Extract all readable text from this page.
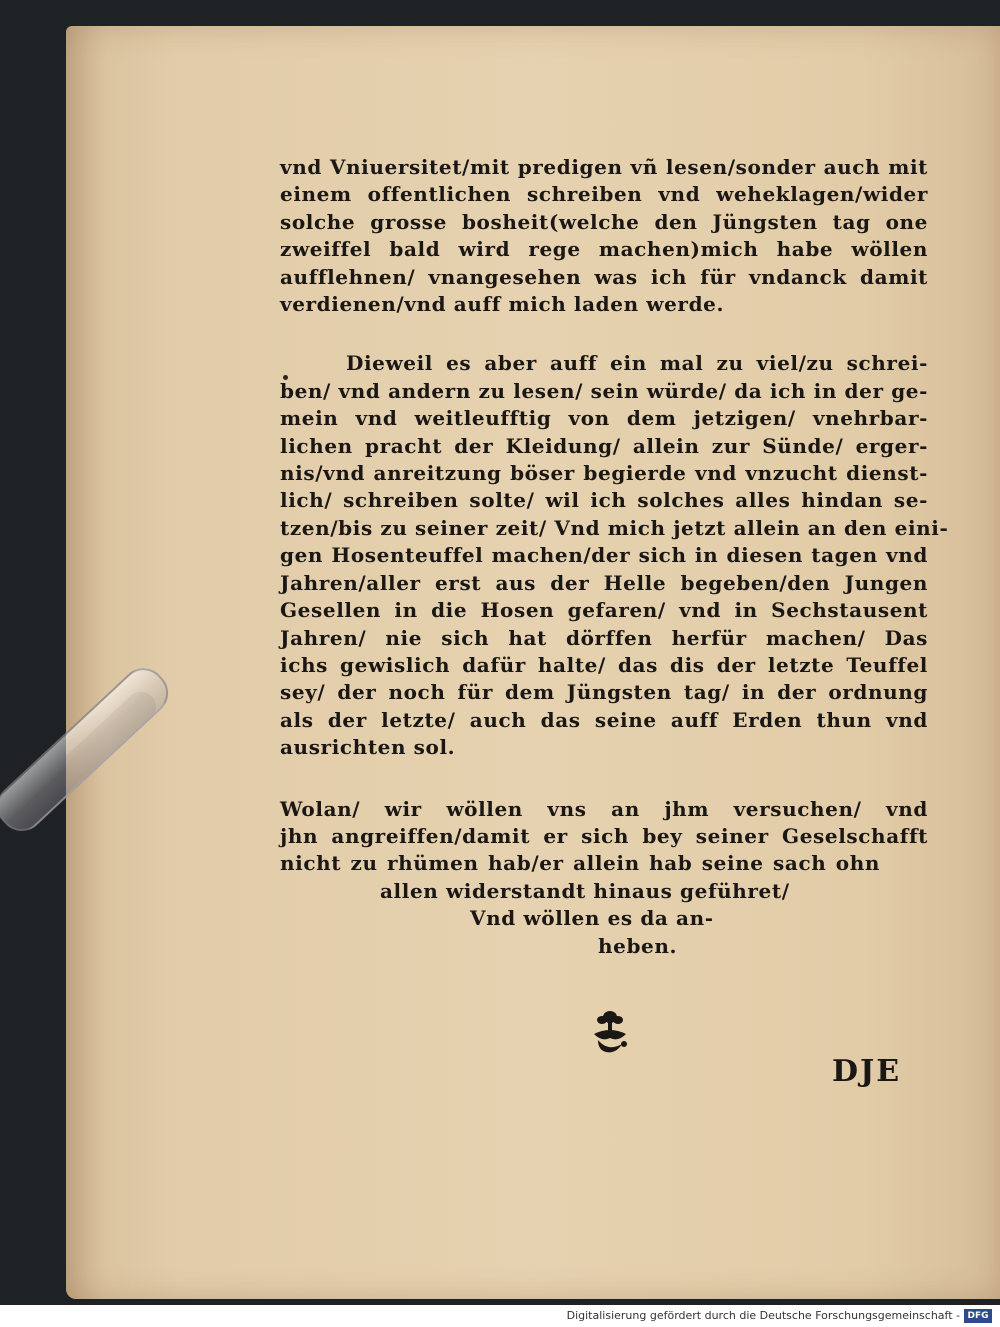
vnd Vniuersitet/mit predigen vñ lesen/sonder auch mit
einem offentlichen schreiben vnd weheklagen/wider
solche grosse bosheit(welche den Jüngsten tag one
zweiffel bald wird rege machen)mich habe wöllen
aufflehnen/ vnangesehen was ich für vndanck damit
verdienen/vnd auff mich laden werde.

Dieweil es aber auff ein mal zu viel/zu schrei-
ben/ vnd andern zu lesen/ sein würde/ da ich in der ge-
mein vnd weitleufftig von dem jetzigen/ vnehrbar-
lichen pracht der Kleidung/ allein zur Sünde/ erger-
nis/vnd anreitzung böser begierde vnd vnzucht dienst-
lich/ schreiben solte/ wil ich solches alles hindan se-
tzen/bis zu seiner zeit/ Vnd mich jetzt allein an den eini-
gen Hosenteuffel machen/der sich in diesen tagen vnd
Jahren/aller erst aus der Helle begeben/den Jungen
Gesellen in die Hosen gefaren/ vnd in Sechstausent
Jahren/ nie sich hat dörffen herfür machen/ Das
ichs gewislich dafür halte/ das dis der letzte Teuffel
sey/ der noch für dem Jüngsten tag/ in der ordnung
als der letzte/ auch das seine auff Erden thun vnd
ausrichten sol.

Wolan/ wir wöllen vns an jhm versuchen/ vnd
jhn angreiffen/damit er sich bey seiner Geselschafft
nicht zu rhümen hab/er allein hab seine sach ohn
allen widerstandt hinaus geführet/
Vnd wöllen es da an-
heben.

DJE
Digitalisierung gefördert durch die Deutsche Forschungsgemeinschaft - DFG
